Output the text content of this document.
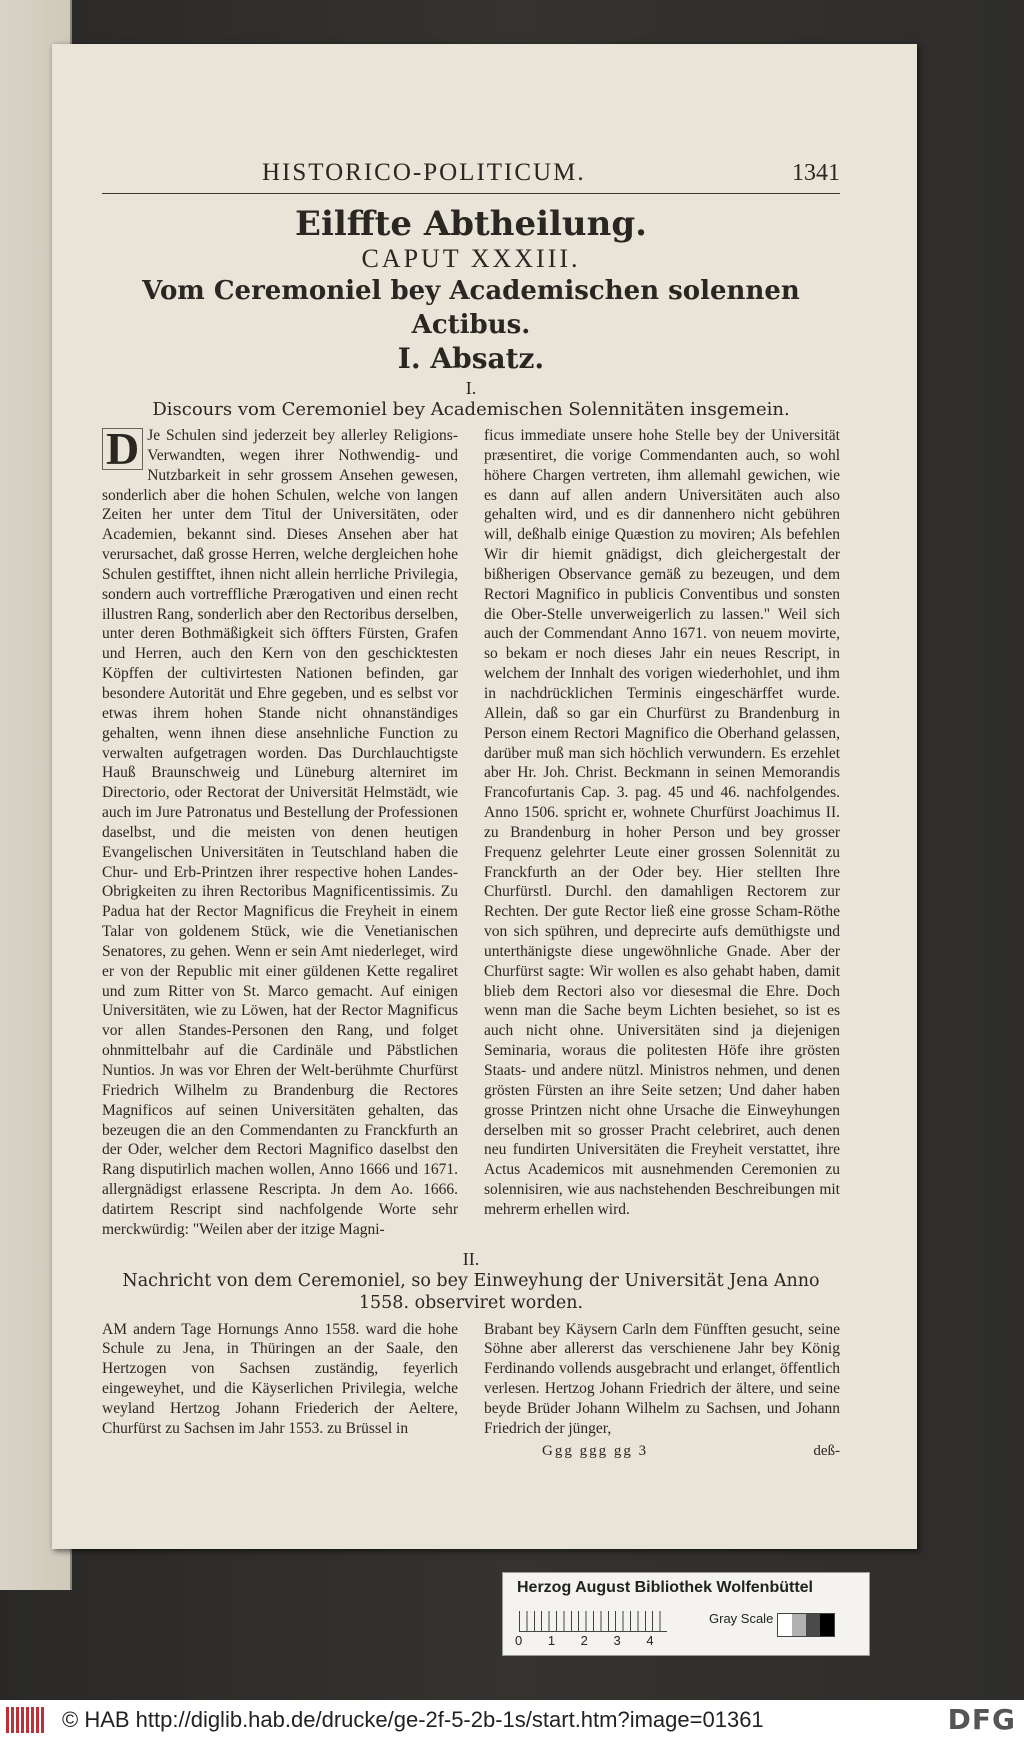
HISTORICO-POLITICUM.	1341
Eilffte Abtheilung.
CAPUT XXXIII.
Vom Ceremoniel bey Academischen solennen Actibus.
I. Absatz.
I.
Discours vom Ceremoniel bey Academischen Solennitäten insgemein.
D Je Schulen sind jederzeit bey allerley Religions-Verwandten, wegen ihrer Nothwendig- und Nutzbarkeit in sehr grossem Ansehen gewesen, sonderlich aber die hohen Schulen, welche von langen Zeiten her unter dem Titul der Universitäten, oder Academien, bekannt sind. Dieses Ansehen aber hat verursachet, daß grosse Herren, welche dergleichen hohe Schulen gestifftet, ihnen nicht allein herrliche Privilegia, sondern auch vortreffliche Prærogativen und einen recht illustren Rang, sonderlich aber den Rectoribus derselben, unter deren Bothmäßigkeit sich öffters Fürsten, Grafen und Herren, auch den Kern von den geschicktesten Köpffen der cultivirtesten Nationen befinden, gar besondere Autorität und Ehre gegeben, und es selbst vor etwas ihrem hohen Stande nicht ohnanständiges gehalten, wenn ihnen diese ansehnliche Function zu verwalten aufgetragen worden. Das Durchlauchtigste Hauß Braunschweig und Lüneburg alterniret im Directorio, oder Rectorat der Universität Helmstädt, wie auch im Jure Patronatus und Bestellung der Professionen daselbst, und die meisten von denen heutigen Evangelischen Universitäten in Teutschland haben die Chur- und Erb-Printzen ihrer respective hohen Landes-Obrigkeiten zu ihren Rectoribus Magnificentissimis. Zu Padua hat der Rector Magnificus die Freyheit in einem Talar von goldenem Stück, wie die Venetianischen Senatores, zu gehen. Wenn er sein Amt niederleget, wird er von der Republic mit einer güldenen Kette regaliret und zum Ritter von St. Marco gemacht. Auf einigen Universitäten, wie zu Löwen, hat der Rector Magnificus vor allen Standes-Personen den Rang, und folget ohnmittelbahr auf die Cardinäle und Päbstlichen Nuntios. Jn was vor Ehren der Welt-berühmte Churfürst Friedrich Wilhelm zu Brandenburg die Rectores Magnificos auf seinen Universitäten gehalten, das bezeugen die an den Commendanten zu Franckfurth an der Oder, welcher dem Rectori Magnifico daselbst den Rang disputirlich machen wollen, Anno 1666 und 1671. allergnädigst erlassene Rescripta. Jn dem Ao. 1666. datirtem Rescript sind nachfolgende Worte sehr merckwürdig: "Weilen aber der itzige Magni-

ficus immediate unsere hohe Stelle bey der Universität præsentiret, die vorige Commendanten auch, so wohl höhere Chargen vertreten, ihm allemahl gewichen, wie es dann auf allen andern Universitäten auch also gehalten wird, und es dir dannenhero nicht gebühren will, deßhalb einige Quæstion zu moviren; Als befehlen Wir dir hiemit gnädigst, dich gleichergestalt der bißherigen Observance gemäß zu bezeugen, und dem Rectori Magnifico in publicis Conventibus und sonsten die Ober-Stelle unverweigerlich zu lassen." Weil sich auch der Commendant Anno 1671. von neuem movirte, so bekam er noch dieses Jahr ein neues Rescript, in welchem der Innhalt des vorigen wiederhohlet, und ihm in nachdrücklichen Terminis eingeschärffet wurde. Allein, daß so gar ein Churfürst zu Brandenburg in Person einem Rectori Magnifico die Oberhand gelassen, darüber muß man sich höchlich verwundern. Es erzehlet aber Hr. Joh. Christ. Beckmann in seinen Memorandis Francofurtanis Cap. 3. pag. 45 und 46. nachfolgendes. Anno 1506. spricht er, wohnete Churfürst Joachimus II. zu Brandenburg in hoher Person und bey grosser Frequenz gelehrter Leute einer grossen Solennität zu Franckfurth an der Oder bey. Hier stellten Ihre Churfürstl. Durchl. den damahligen Rectorem zur Rechten. Der gute Rector ließ eine grosse Scham-Röthe von sich spühren, und deprecirte aufs demüthigste und unterthänigste diese ungewöhnliche Gnade. Aber der Churfürst sagte: Wir wollen es also gehabt haben, damit blieb dem Rectori also vor diesesmal die Ehre. Doch wenn man die Sache beym Lichten besiehet, so ist es auch nicht ohne. Universitäten sind ja diejenigen Seminaria, woraus die politesten Höfe ihre grösten Staats- und andere nützl. Ministros nehmen, und denen grösten Fürsten an ihre Seite setzen; Und daher haben grosse Printzen nicht ohne Ursache die Einweyhungen derselben mit so grosser Pracht celebriret, auch denen neu fundirten Universitäten die Freyheit verstattet, ihre Actus Academicos mit ausnehmenden Ceremonien zu solennisiren, wie aus nachstehenden Beschreibungen mit mehrerm erhellen wird.

II.
Nachricht von dem Ceremoniel, so bey Einweyhung der Universität Jena Anno 1558. observiret worden.

AM andern Tage Hornungs Anno 1558. ward die hohe Schule zu Jena, in Thüringen an der Saale, den Hertzogen von Sachsen zuständig, feyerlich eingeweyhet, und die Käyserlichen Privilegia, welche weyland Hertzog Johann Friederich der Aeltere, Churfürst zu Sachsen im Jahr 1553. zu Brüssel in

Brabant bey Käysern Carln dem Fünfften gesucht, seine Söhne aber allererst das verschienene Jahr bey König Ferdinando vollends ausgebracht und erlanget, öffentlich verlesen. Hertzog Johann Friedrich der ältere, und seine beyde Brüder Johann Wilhelm zu Sachsen, und Johann Friedrich der jünger,

Ggg ggg gg 3	deß-
Herzog August Bibliothek Wolfenbüttel
0 1 2 3 4
Gray Scale
© HAB http://diglib.hab.de/drucke/ge-2f-5-2b-1s/start.htm?image=01361	DFG
